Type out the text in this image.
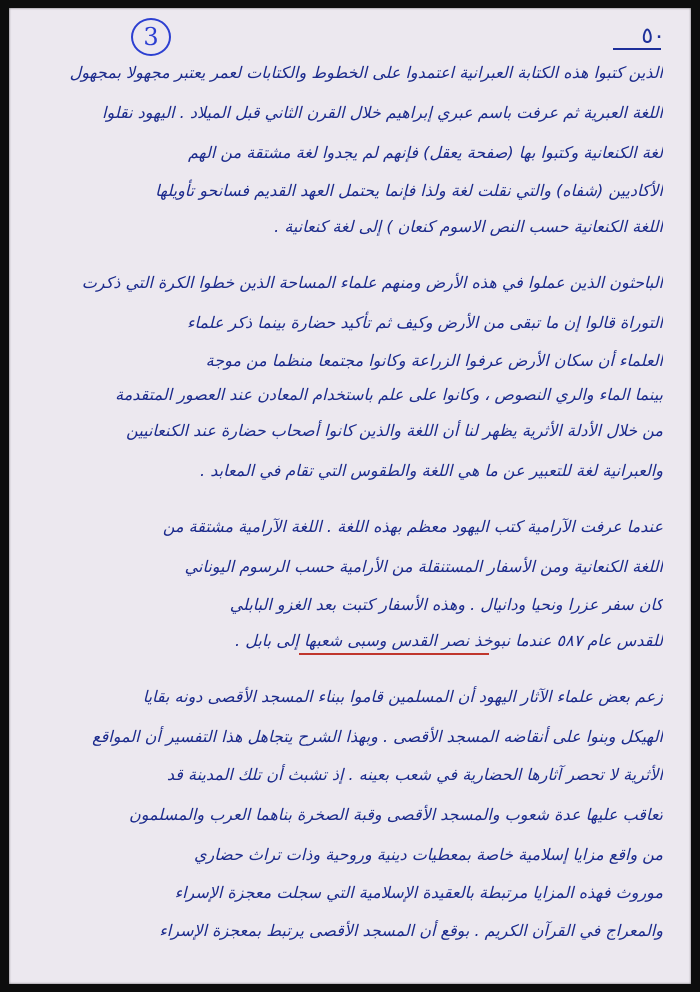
3	٥٠
الذين كتبوا هذه الكتابة العبرانية اعتمدوا على الخطوط والكتابات لعمر يعتبر مجهولا بمجهول
اللغة العبرية ثم عرفت باسم عبري إبراهيم خلال القرن الثاني قبل الميلاد . اليهود نقلوا
لغة الكنعانية وكتبوا بها (صفحة يعقل) فإنهم لم يجدوا لغة مشتقة من الهم
الأكاديين (شفاه) والتي نقلت لغة ولذا فإنما يحتمل العهد القديم فسانحو تأويلها
اللغة الكنعانية حسب النص الاسوم كنعان ) إلى لغة كنعانية .
الباحثون الذين عملوا في هذه الأرض ومنهم علماء المساحة الذين خطوا الكرة التي ذكرت
التوراة قالوا إن ما تبقى من الأرض وكيف ثم تأكيد حضارة بينما ذكر علماء
العلماء أن سكان الأرض عرفوا الزراعة وكانوا مجتمعا منظما من موجة
بينما الماء والري النصوص ، وكانوا على علم باستخدام المعادن عند العصور المتقدمة
من خلال الأدلة الأثرية يظهر لنا أن اللغة والذين كانوا أصحاب حضارة عند الكنعانيين
والعبرانية لغة للتعبير عن ما هي اللغة والطقوس التي تقام في المعابد .
عندما عرفت الآرامية كتب اليهود معظم بهذه اللغة . اللغة الآرامية مشتقة من
اللغة الكنعانية ومن الأسفار المستنقلة من الأرامية حسب الرسوم اليوناني
كان سفر عزرا ونحيا ودانيال . وهذه الأسفار كتبت بعد الغزو البابلي
للقدس عام ٥٨٧ عندما نبوخذ نصر القدس وسبى شعبها إلى بابل .
زعم بعض علماء الآثار اليهود أن المسلمين قاموا ببناء المسجد الأقصى دونه بقايا
الهيكل وبنوا على أنقاضه المسجد الأقصى . وبهذا الشرح يتجاهل هذا التفسير أن المواقع
الأثرية لا تحصر آثارها الحضارية في شعب بعينه . إذ تشبث أن تلك المدينة قد
تعاقب عليها عدة شعوب والمسجد الأقصى وقبة الصخرة بناهما العرب والمسلمون
من واقع مزايا إسلامية خاصة بمعطيات دينية وروحية وذات تراث حضاري
موروث فهذه المزايا مرتبطة بالعقيدة الإسلامية التي سجلت معجزة الإسراء
والمعراج في القرآن الكريم . بوقع أن المسجد الأقصى يرتبط بمعجزة الإسراء
